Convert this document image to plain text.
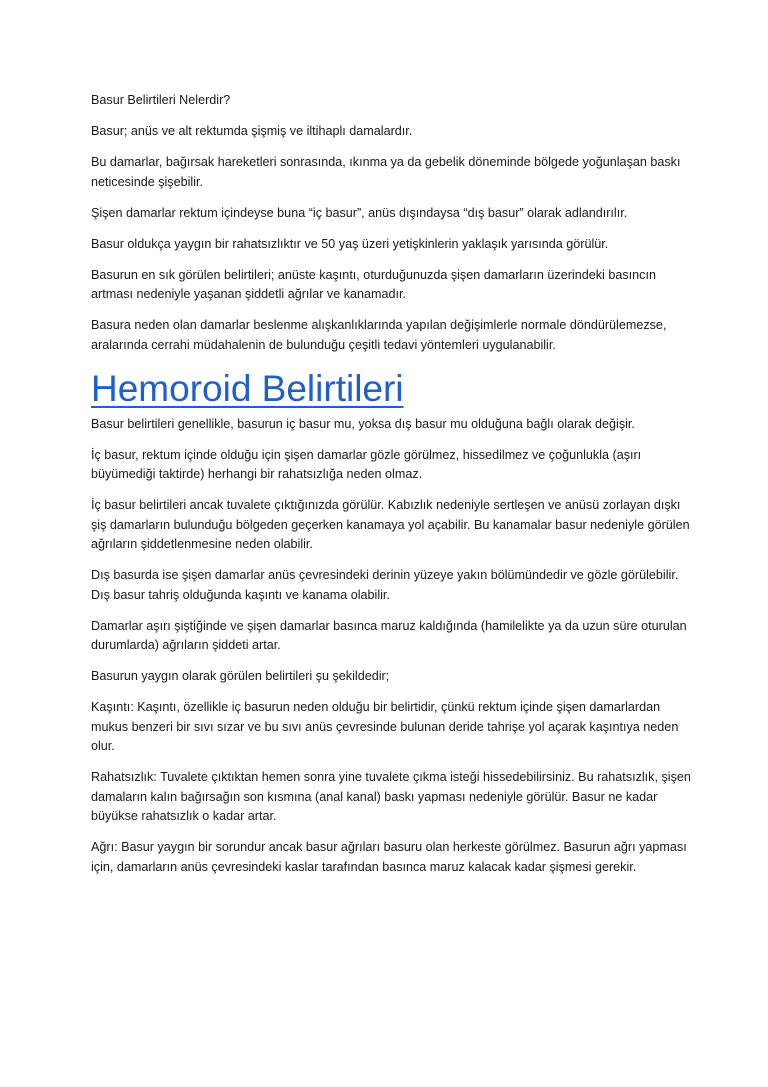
Basur Belirtileri Nelerdir?

Basur; anüs ve alt rektumda şişmiş ve iltihaplı damalardır.

Bu damarlar, bağırsak hareketleri sonrasında, ıkınma ya da gebelik döneminde bölgede yoğunlaşan baskı neticesinde şişebilir.

Şişen damarlar rektum içindeyse buna “iç basur”, anüs dışındaysa “dış basur” olarak adlandırılır.

Basur oldukça yaygın bir rahatsızlıktır ve 50 yaş üzeri yetişkinlerin yaklaşık yarısında görülür.

Basurun en sık görülen belirtileri; anüste kaşıntı, oturduğunuzda şişen damarların üzerindeki basıncın artması nedeniyle yaşanan şiddetli ağrılar ve kanamadır.

Basura neden olan damarlar beslenme alışkanlıklarında yapılan değişimlerle normale döndürülemezse, aralarında cerrahi müdahalenin de bulunduğu çeşitli tedavi yöntemleri uygulanabilir.

Hemoroid Belirtileri

Basur belirtileri genellikle, basurun iç basur mu, yoksa dış basur mu olduğuna bağlı olarak değişir.

İç basur, rektum içinde olduğu için şişen damarlar gözle görülmez, hissedilmez ve çoğunlukla (aşırı büyümediği taktirde) herhangi bir rahatsızlığa neden olmaz.

İç basur belirtileri ancak tuvalete çıktığınızda görülür. Kabızlık nedeniyle sertleşen ve anüsü zorlayan dışkı şiş damarların bulunduğu bölgeden geçerken kanamaya yol açabilir. Bu kanamalar basur nedeniyle görülen ağrıların şiddetlenmesine neden olabilir.

Dış basurda ise şişen damarlar anüs çevresindeki derinin yüzeye yakın bölümündedir ve gözle görülebilir. Dış basur tahriş olduğunda kaşıntı ve kanama olabilir.

Damarlar aşırı şiştiğinde ve şişen damarlar basınca maruz kaldığında (hamilelikte ya da uzun süre oturulan durumlarda) ağrıların şiddeti artar.

Basurun yaygın olarak görülen belirtileri şu şekildedir;

Kaşıntı: Kaşıntı, özellikle iç basurun neden olduğu bir belirtidir, çünkü rektum içinde şişen damarlardan mukus benzeri bir sıvı sızar ve bu sıvı anüs çevresinde bulunan deride tahrişe yol açarak kaşıntıya neden olur.

Rahatsızlık: Tuvalete çıktıktan hemen sonra yine tuvalete çıkma isteği hissedebilirsiniz. Bu rahatsızlık, şişen damaların kalın bağırsağın son kısmına (anal kanal) baskı yapması nedeniyle görülür. Basur ne kadar büyükse rahatsızlık o kadar artar.

Ağrı: Basur yaygın bir sorundur ancak basur ağrıları basuru olan herkeste görülmez. Basurun ağrı yapması için, damarların anüs çevresindeki kaslar tarafından basınca maruz kalacak kadar şişmesi gerekir.
